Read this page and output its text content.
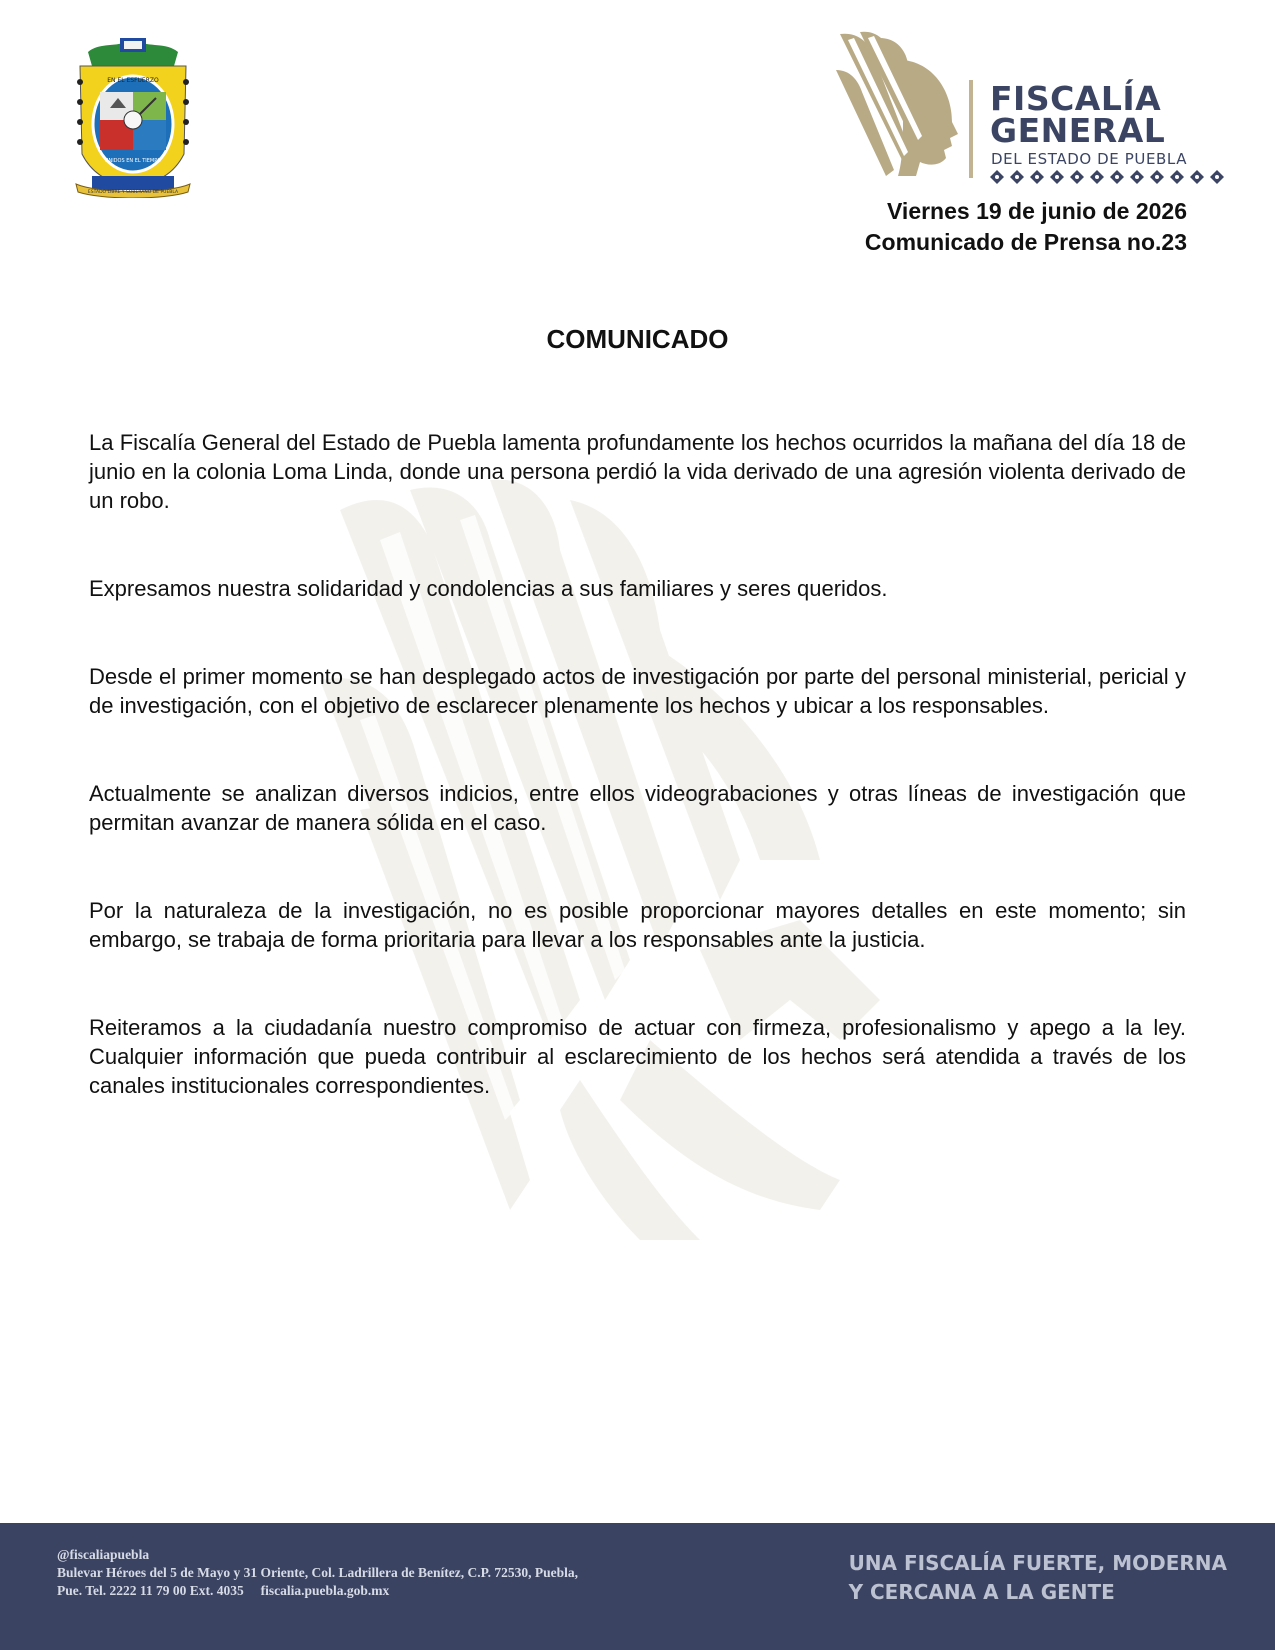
EN EL ESFUERZO
UNIDOS EN EL TIEMPO
ESTADO LIBRE Y SOBERANO DE PUEBLA
FISCALÍA
GENERAL
DEL ESTADO DE PUEBLA
Viernes 19 de junio de 2026
Comunicado de Prensa no.23
COMUNICADO

La Fiscalía General del Estado de Puebla lamenta profundamente los hechos ocurridos la mañana del día 18 de junio en la colonia Loma Linda, donde una persona perdió la vida derivado de una agresión violenta derivado de un robo.

Expresamos nuestra solidaridad y condolencias a sus familiares y seres queridos.

Desde el primer momento se han desplegado actos de investigación por parte del personal ministerial, pericial y de investigación, con el objetivo de esclarecer plenamente los hechos y ubicar a los responsables.

Actualmente se analizan diversos indicios, entre ellos videograbaciones y otras líneas de investigación que permitan avanzar de manera sólida en el caso.

Por la naturaleza de la investigación, no es posible proporcionar mayores detalles en este momento; sin embargo, se trabaja de forma prioritaria para llevar a los responsables ante la justicia.

Reiteramos a la ciudadanía nuestro compromiso de actuar con firmeza, profesionalismo y apego a la ley. Cualquier información que pueda contribuir al esclarecimiento de los hechos será atendida a través de los canales institucionales correspondientes.

@fiscaliapuebla
Bulevar Héroes del 5 de Mayo y 31 Oriente, Col. Ladrillera de Benítez, C.P. 72530, Puebla,
Pue. Tel. 2222 11 79 00 Ext. 4035     fiscalia.puebla.gob.mx
UNA FISCALÍA FUERTE, MODERNA
Y CERCANA A LA GENTE
